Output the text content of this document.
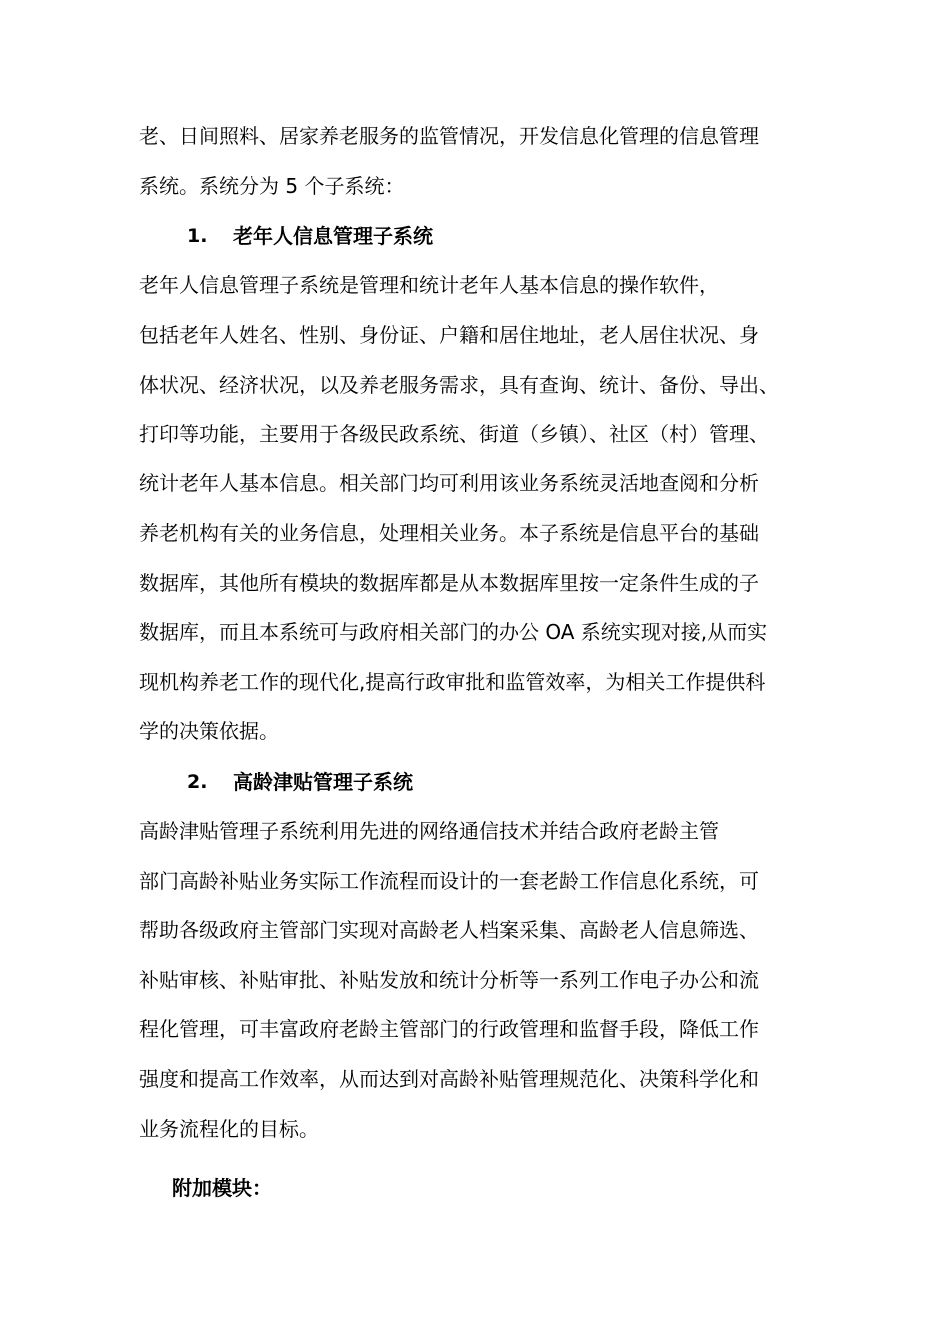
老、日间照料、居家养老服务的监管情况，开发信息化管理的信息管理
系统。系统分为 5 个子系统：
1. 老年人信息管理子系统
老年人信息管理子系统是管理和统计老年人基本信息的操作软件，
包括老年人姓名、性别、身份证、户籍和居住地址，老人居住状况、身
体状况、经济状况，以及养老服务需求，具有查询、统计、备份、导出、
打印等功能，主要用于各级民政系统、街道（乡镇）、社区（村）管理、
统计老年人基本信息。相关部门均可利用该业务系统灵活地查阅和分析
养老机构有关的业务信息，处理相关业务。本子系统是信息平台的基础
数据库，其他所有模块的数据库都是从本数据库里按一定条件生成的子
数据库，而且本系统可与政府相关部门的办公 OA 系统实现对接,从而实
现机构养老工作的现代化,提高行政审批和监管效率，为相关工作提供科
学的决策依据。
2. 高龄津贴管理子系统
高龄津贴管理子系统利用先进的网络通信技术并结合政府老龄主管
部门高龄补贴业务实际工作流程而设计的一套老龄工作信息化系统，可
帮助各级政府主管部门实现对高龄老人档案采集、高龄老人信息筛选、
补贴审核、补贴审批、补贴发放和统计分析等一系列工作电子办公和流
程化管理，可丰富政府老龄主管部门的行政管理和监督手段，降低工作
强度和提高工作效率，从而达到对高龄补贴管理规范化、决策科学化和
业务流程化的目标。
附加模块：
